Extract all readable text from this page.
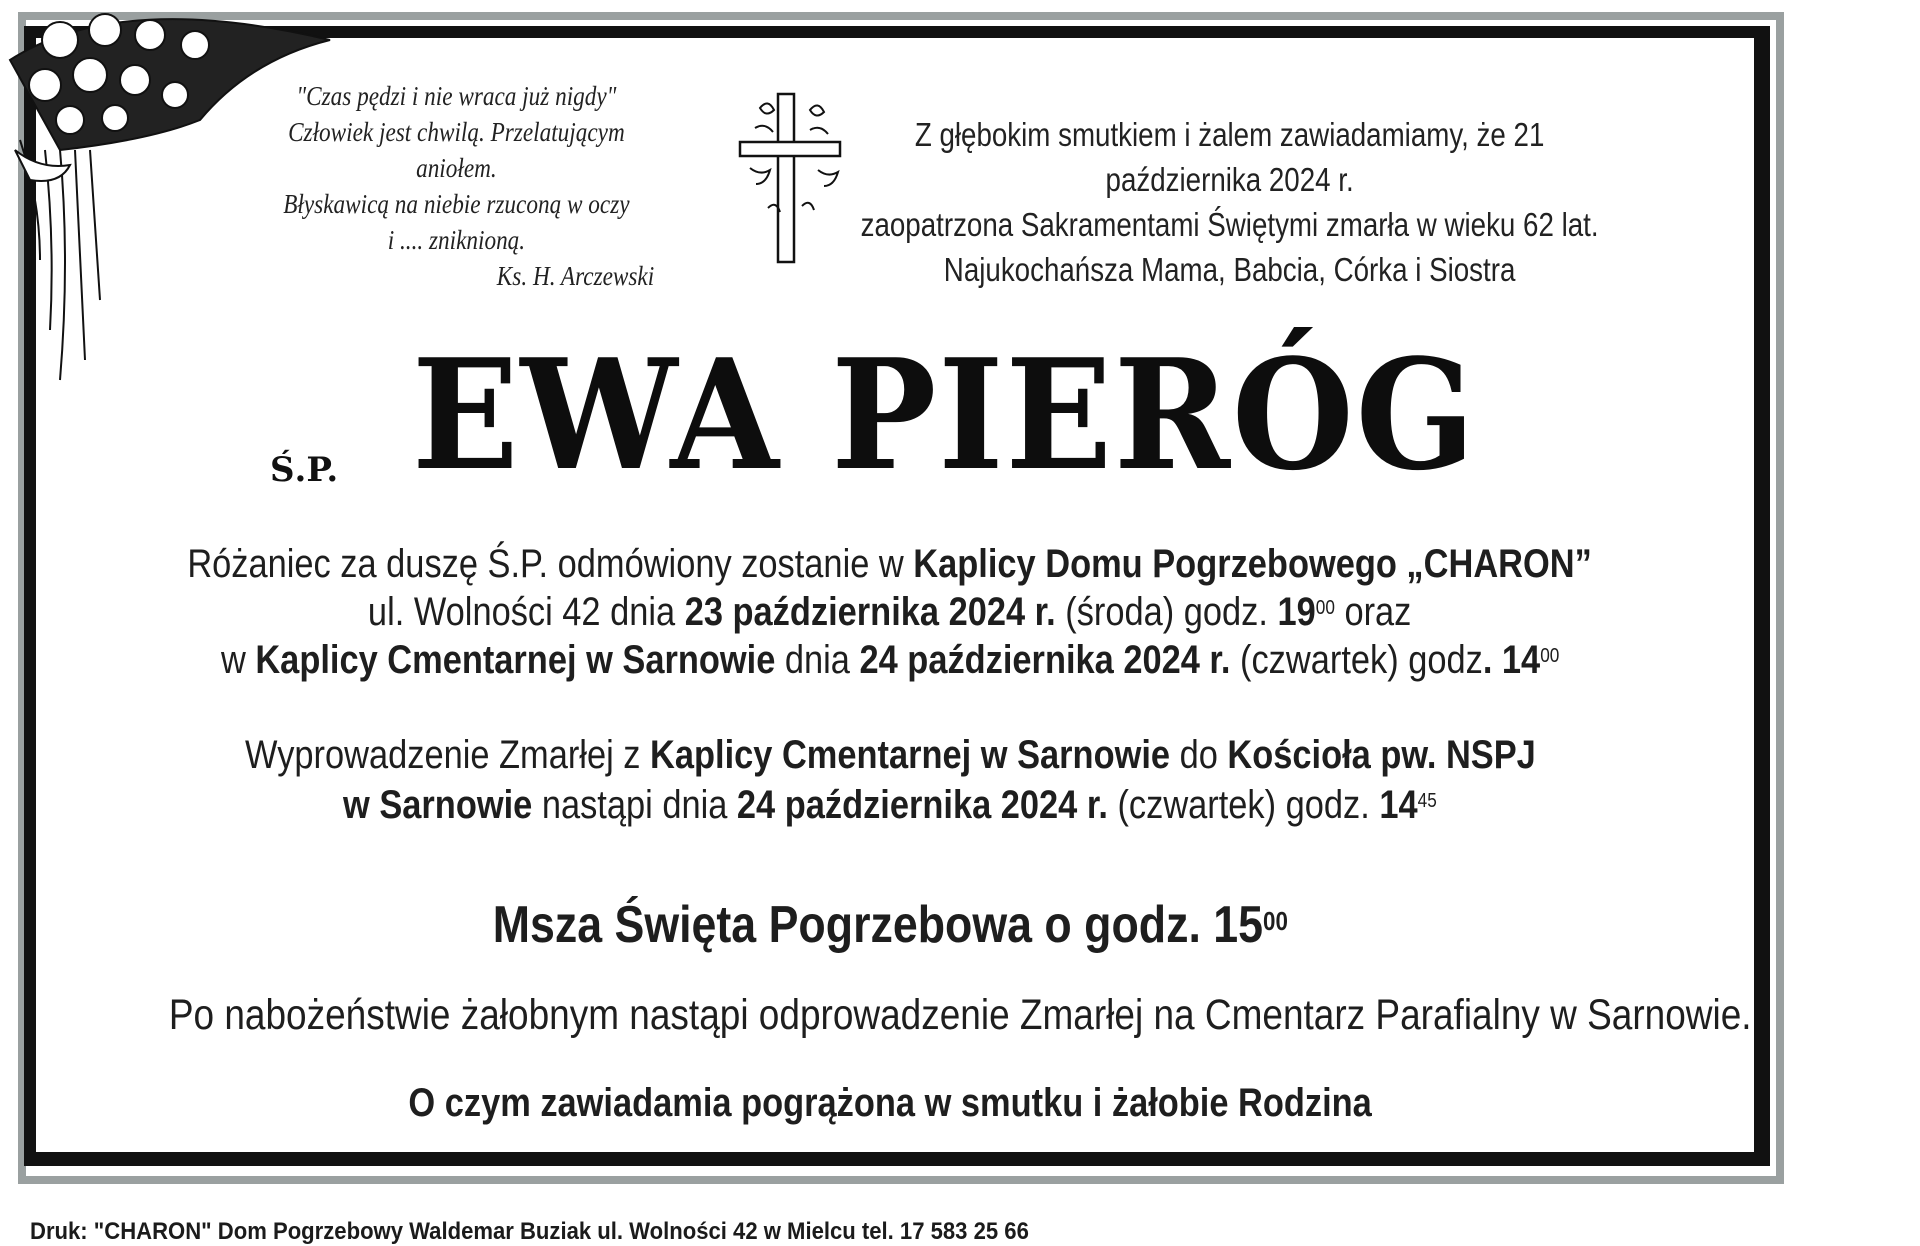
"Czas pędzi i nie wraca już nigdy"
Człowiek jest chwilą. Przelatującym aniołem.
Błyskawicą na niebie rzuconą w oczy
i .... zniknioną.

Ks. H. Arczewski
Z głębokim smutkiem i żalem zawiadamiamy, że 21 października 2024 r.
zaopatrzona Sakramentami Świętymi zmarła w wieku 62 lat.
Najukochańsza Mama, Babcia, Córka i Siostra
Ś.P. EWA PIERÓG
Różaniec za duszę Ś.P. odmówiony zostanie w Kaplicy Domu Pogrzebowego „CHARON”
ul. Wolności 42 dnia 23 października 2024 r. (środa) godz. $19^{00}$ oraz
w Kaplicy Cmentarnej w Sarnowie dnia 24 października 2024 r. (czwartek) godz. $14^{00}$
Wyprowadzenie Zmarłej z Kaplicy Cmentarnej w Sarnowie do Kościoła pw. NSPJ
w Sarnowie nastąpi dnia 24 października 2024 r. (czwartek) godz. $14^{45}$
Msza Święta Pogrzebowa o godz. $15^{00}$
Po nabożeństwie żałobnym nastąpi odprowadzenie Zmarłej na Cmentarz Parafialny w Sarnowie.
O czym zawiadamia pogrążona w smutku i żałobie Rodzina
Druk: "CHARON" Dom Pogrzebowy Waldemar Buziak ul. Wolności 42 w Mielcu tel. 17 583 25 66
